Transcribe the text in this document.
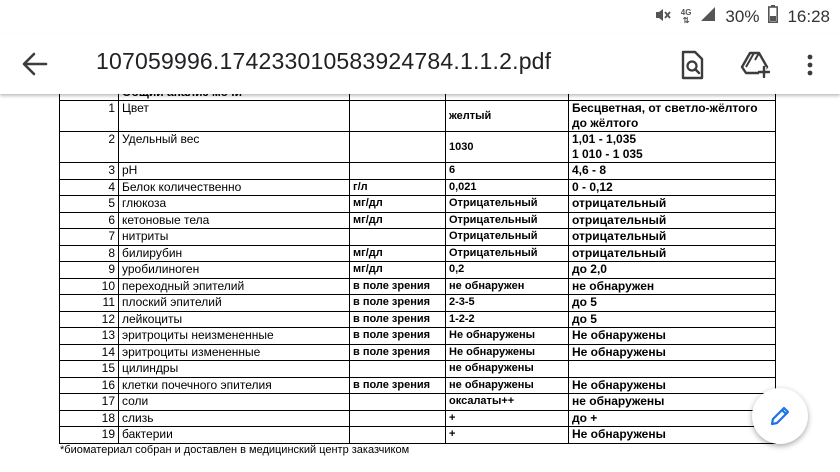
4G
⇅ 30% 16:28
107059996.174233010583924784.1.1.2.pdf

1	Цвет		желтый	Бесцветная, от светло-жёлтого до жёлтого

2	Удельный вес		1030	1,01 - 1,035
1 010 - 1 035

3	pH		6	4,6 - 8
4	Белок количественно	г/л	0,021	0 - 0,12
5	глюкоза	мг/дл	Отрицательный	отрицательный
6	кетоновые тела	мг/дл	Отрицательный	отрицательный
7	нитриты		Отрицательный	отрицательный
8	билирубин	мг/дл	Отрицательный	отрицательный
9	уробилиноген	мг/дл	0,2	до 2,0
10	переходный эпителий	в поле зрения	не обнаружен	не обнаружен
11	плоский эпителий	в поле зрения	2-3-5	до 5
12	лейкоциты	в поле зрения	1-2-2	до 5
13	эритроциты неизмененные	в поле зрения	Не обнаружены	Не обнаружены
14	эритроциты измененные	в поле зрения	Не обнаружены	Не обнаружены
15	цилиндры		не обнаружены	
16	клетки почечного эпителия	в поле зрения	не обнаружены	Не обнаружены
17	соли		оксалаты++	не обнаружены
18	слизь		+	до +
19	бактерии		+	Не обнаружены
*биоматериал собран и доставлен в медицинский центр заказчиком
